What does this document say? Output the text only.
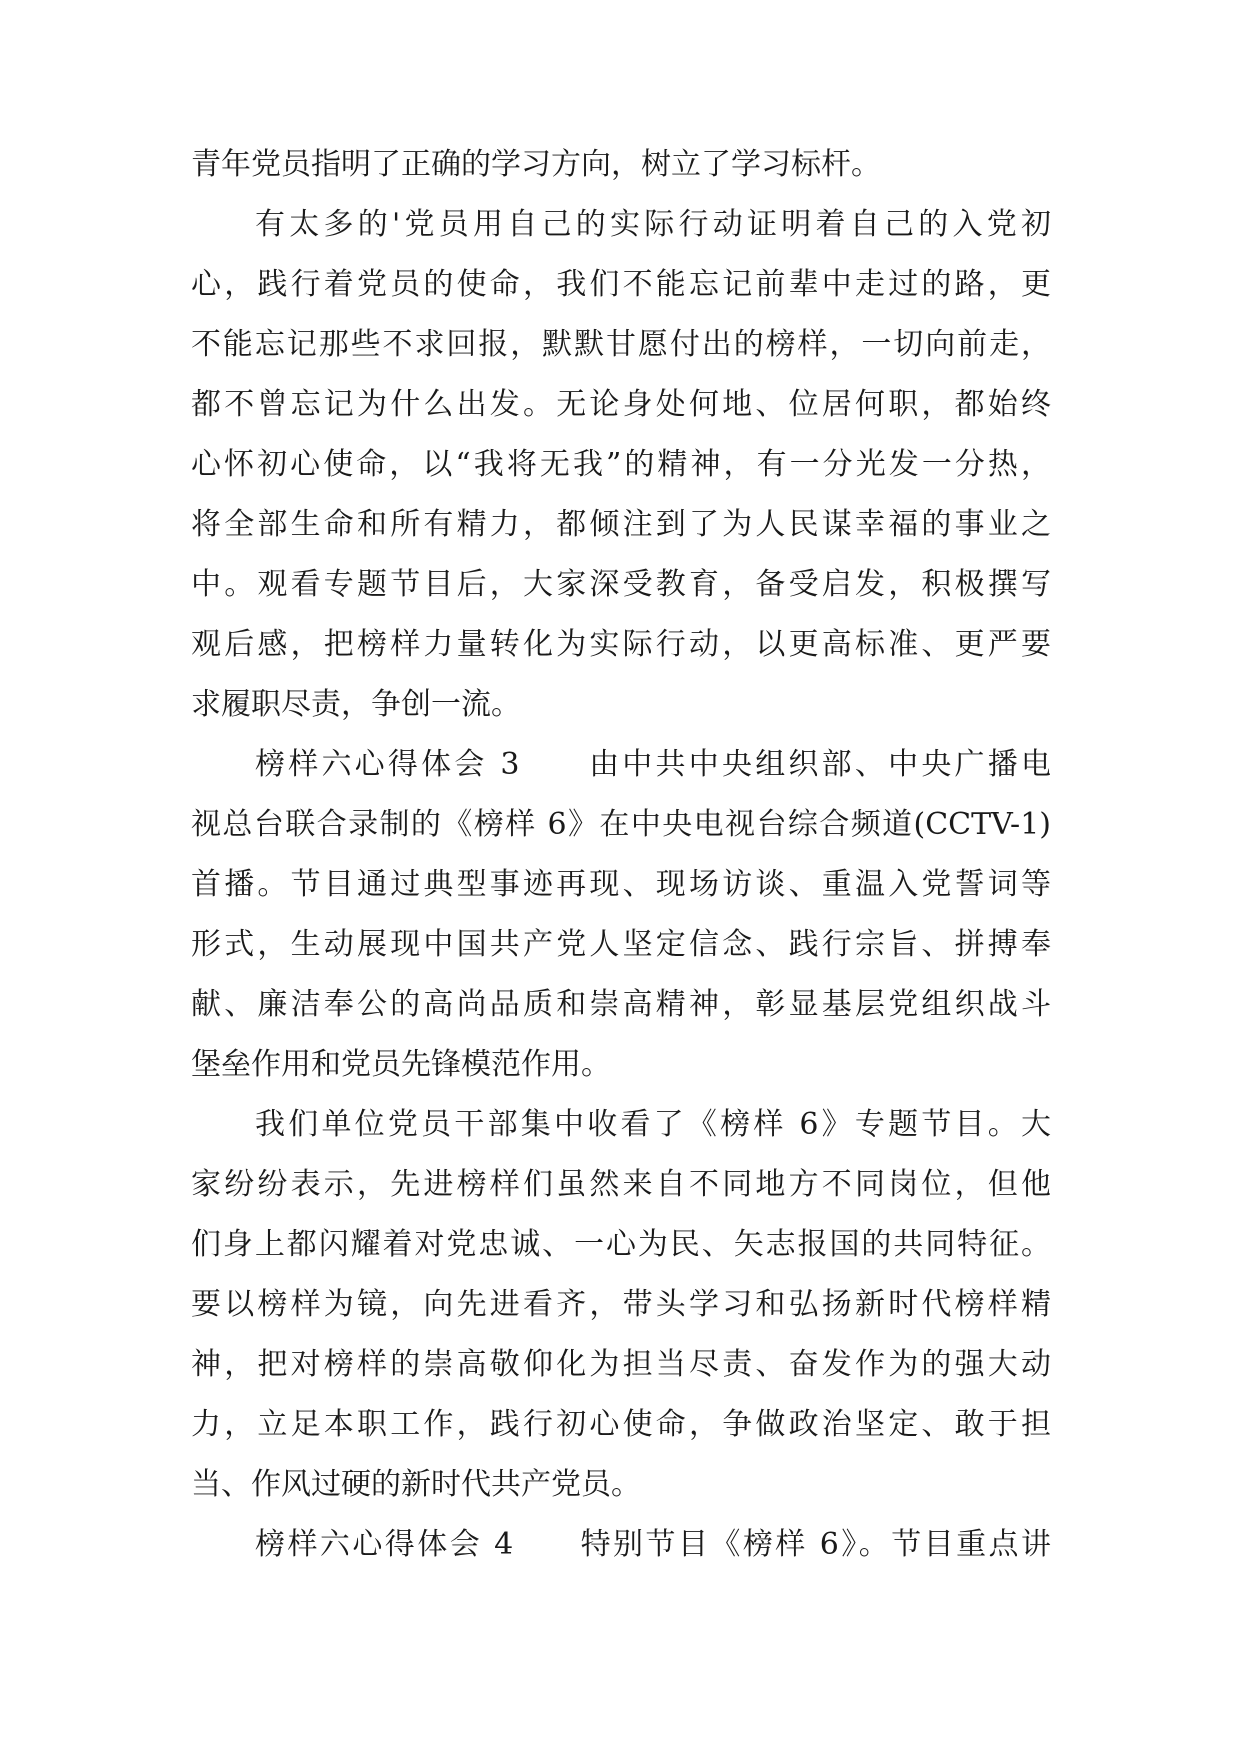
青年党员指明了正确的学习方向，树立了学习标杆。
有太多的'党员用自己的实际行动证明着自己的入党初
心，践行着党员的使命，我们不能忘记前辈中走过的路，更
不能忘记那些不求回报，默默甘愿付出的榜样，一切向前走，
都不曾忘记为什么出发。无论身处何地、位居何职，都始终
心怀初心使命，以“我将无我”的精神，有一分光发一分热，
将全部生命和所有精力，都倾注到了为人民谋幸福的事业之
中。观看专题节目后，大家深受教育，备受启发，积极撰写
观后感，把榜样力量转化为实际行动，以更高标准、更严要
求履职尽责，争创一流。
榜样六心得体会 3　　由中共中央组织部、中央广播电
视总台联合录制的《榜样 6》在中央电视台综合频道(CCTV-1)
首播。节目通过典型事迹再现、现场访谈、重温入党誓词等
形式，生动展现中国共产党人坚定信念、践行宗旨、拼搏奉
献、廉洁奉公的高尚品质和崇高精神，彰显基层党组织战斗
堡垒作用和党员先锋模范作用。
我们单位党员干部集中收看了《榜样 6》专题节目。大
家纷纷表示，先进榜样们虽然来自不同地方不同岗位，但他
们身上都闪耀着对党忠诚、一心为民、矢志报国的共同特征。
要以榜样为镜，向先进看齐，带头学习和弘扬新时代榜样精
神，把对榜样的崇高敬仰化为担当尽责、奋发作为的强大动
力，立足本职工作，践行初心使命，争做政治坚定、敢于担
当、作风过硬的新时代共产党员。
榜样六心得体会 4　　特别节目《榜样 6》。节目重点讲
